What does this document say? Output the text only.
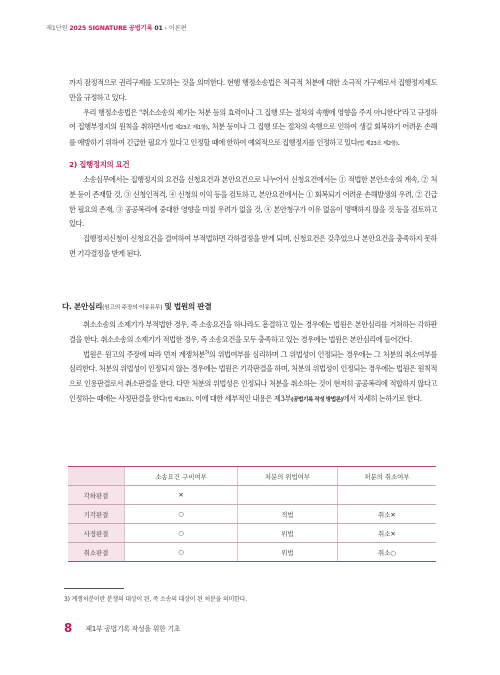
제1단원 2025 SIGNATURE 공법기록 01 › 이론편

까지 잠정적으로 권리구제를 도모하는 것을 의미한다. 현행 행정소송법은 적극적 처분에 대한 소극적 가구제로서 집행정지제도만을 규정하고 있다.

우리 행정소송법은 "취소소송의 제기는 처분 등의 효력이나 그 집행 또는 절차의 속행에 영향을 주지 아니한다"라고 규정하여 집행부정지의 원칙을 취하면서(법 제23조 제1항), 처분 등이나 그 집행 또는 절차의 속행으로 인하여 생길 회복하기 어려운 손해를 예방하기 위하여 긴급한 필요가 있다고 인정할 때에 한하여 예외적으로 집행정지를 인정하고 있다(법 제23조 제2항).

2) 집행정지의 요건

소송심무에서는 집행정지의 요건을 신청요건과 본안요건으로 나누어서 신청요건에서는 ① 적법한 본안소송의 계속, ② 처분 등이 존재할 것, ③ 신청인적격, ④ 신청의 이익 등을 검토하고, 본안요건에서는 ① 회복되기 어려운 손해발생의 우려, ② 긴급한 필요의 존재, ③ 공공복리에 중대한 영향을 미칠 우려가 없을 것, ④ 본안청구가 이유 없음이 명백하지 않을 것 등을 검토하고 있다.

집행정지신청이 신청요건을 결여하여 부적법하면 각하결정을 받게 되며, 신청요건은 갖추었으나 본안요건을 충족하지 못하면 기각결정을 받게 된다.

다. 본안심리(원고의 주장의 이유유무) 및 법원의 판결

취소소송의 소제기가 부적법한 경우, 즉 소송요건을 하나라도 흠결하고 있는 경우에는 법원은 본안심리를 거쳐하는 각하판결을 한다. 취소소송의 소제기가 적법한 경우, 즉 소송요건을 모두 충족하고 있는 경우에는 법원은 본안심리에 들어간다.

법원은 원고의 주장에 따라 먼저 계쟁처분$^{3)}$의 위법여부를 심리하며 그 위법성이 인정되는 경우에는 그 처분의 취소여부를 심리한다. 처분의 위법성이 인정되지 않는 경우에는 법원은 기각판결을 하며, 처분의 위법성이 인정되는 경우에는 법원은 원칙적으로 인용판결로서 취소판결을 한다. 다만 처분의 위법성은 인정되나 처분을 취소하는 것이 현저히 공공복리에 적합하지 않다고 인정하는 때에는 사정판결을 한다(법 제28조). 이에 대한 세부적인 내용은 제3부(공법기록 작성 방법론)에서 자세히 논하기로 한다.

	소송요건 구비여부	처분의 위법여부	처분의 취소여부
각하판결	✕		
기각판결	○	적법	취소✕
사정판결	○	위법	취소✕
취소판결	○	위법	취소○
3) 계쟁처분이란 분쟁의 대상이 된, 즉 소송의 대상이 된 처분을 의미한다.
8 제1부 공법기록 작성을 위한 기초
